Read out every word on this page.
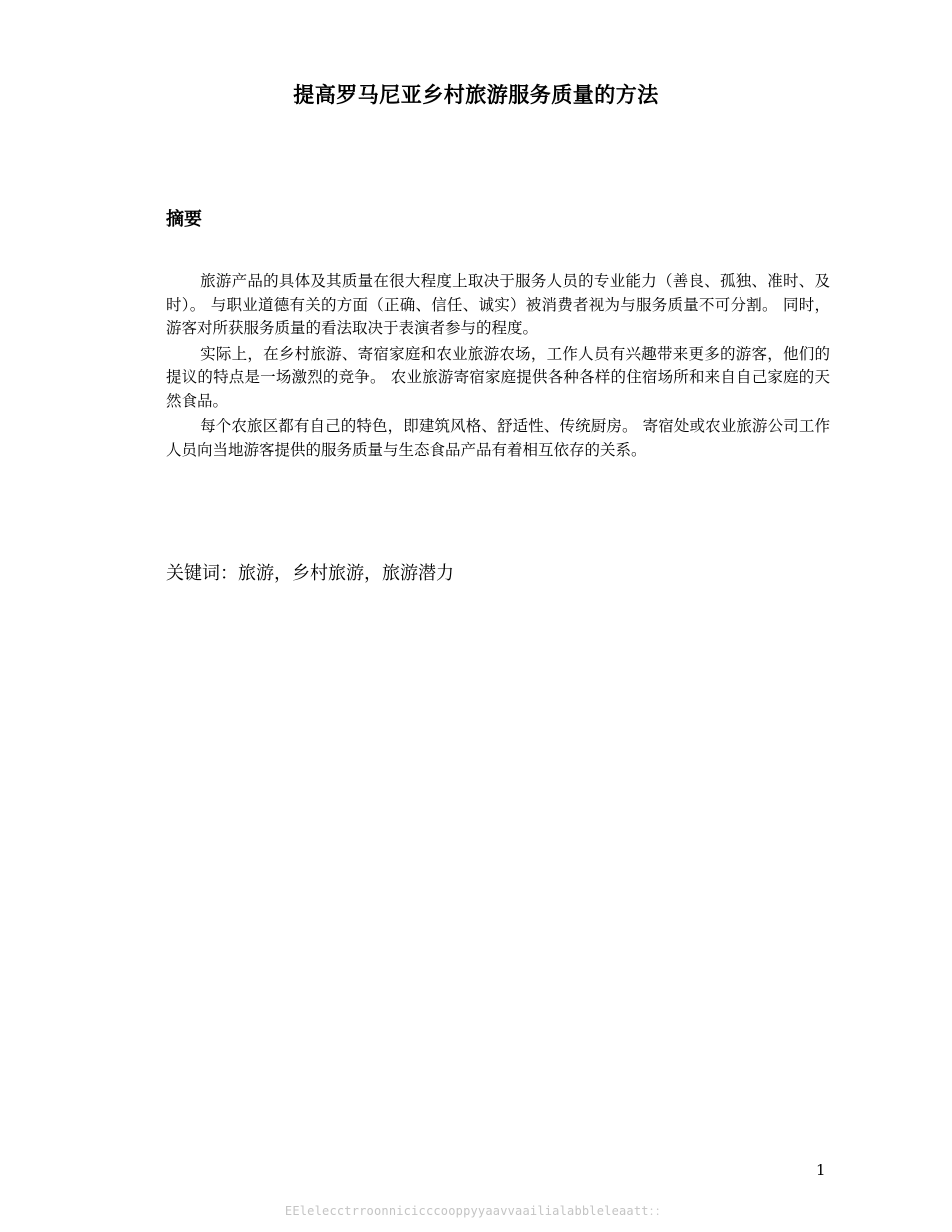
提高罗马尼亚乡村旅游服务质量的方法
摘要

旅游产品的具体及其质量在很大程度上取决于服务人员的专业能力（善良、孤独、准时、及时）。 与职业道德有关的方面（正确、信任、诚实）被消费者视为与服务质量不可分割。 同时，游客对所获服务质量的看法取决于表演者参与的程度。

实际上，在乡村旅游、寄宿家庭和农业旅游农场，工作人员有兴趣带来更多的游客，他们的提议的特点是一场激烈的竞争。 农业旅游寄宿家庭提供各种各样的住宿场所和来自自己家庭的天然食品。

每个农旅区都有自己的特色，即建筑风格、舒适性、传统厨房。 寄宿处或农业旅游公司工作人员向当地游客提供的服务质量与生态食品产品有着相互依存的关系。

关键词：旅游，乡村旅游，旅游潜力
1
EElelecctrroonnicicccooppyyaavvaailialabbleleaatt：：
